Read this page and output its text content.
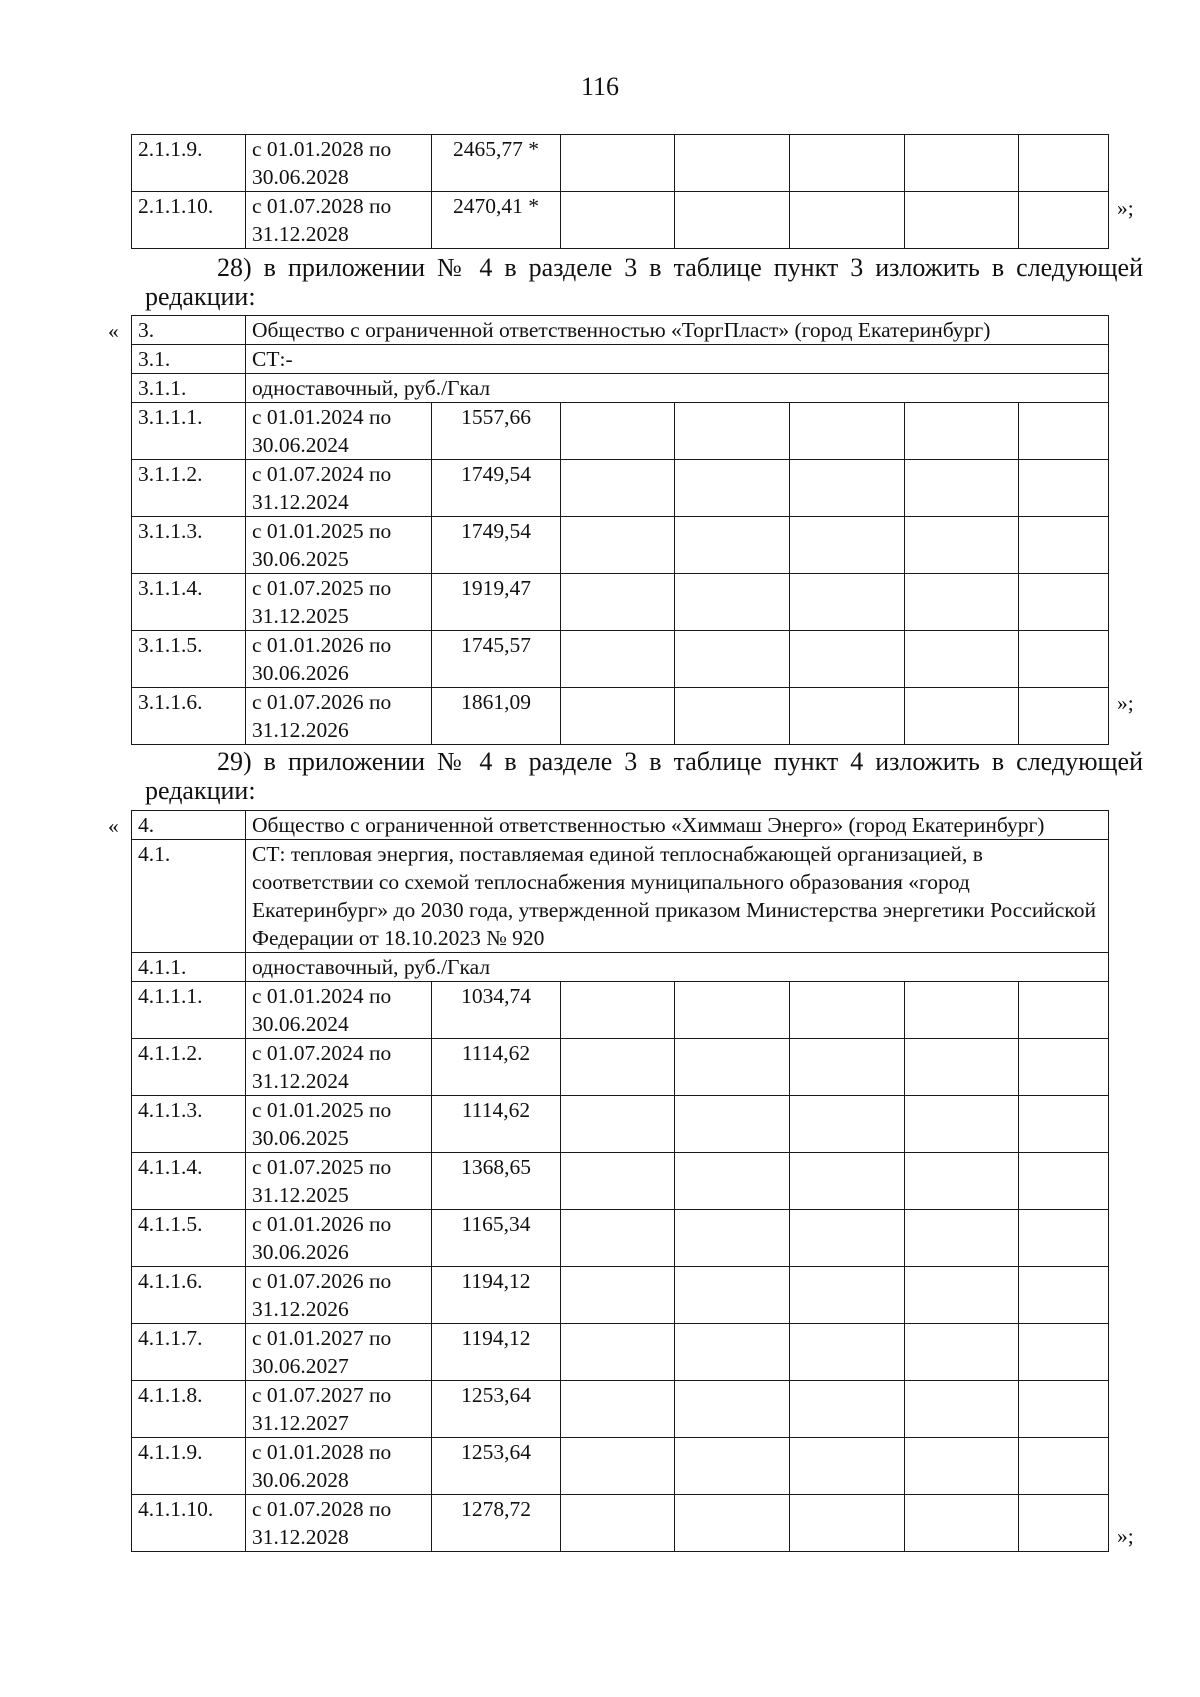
116
2.1.1.9.	с 01.01.2028 по 30.06.2028	2465,77 *					
2.1.1.10.	с 01.07.2028 по 31.12.2028	2470,41 *						»;
28) в приложении № 4 в разделе 3 в таблице пункт 3 изложить в следующей
редакции:
« 3.	Общество с ограниченной ответственностью «ТоргПласт» (город Екатеринбург)						
3.1.	СТ:-						
3.1.1.	одноставочный, руб./Гкал						
3.1.1.1.	с 01.01.2024 по 30.06.2024	1557,66					
3.1.1.2.	с 01.07.2024 по 31.12.2024	1749,54					
3.1.1.3.	с 01.01.2025 по 30.06.2025	1749,54					
3.1.1.4.	с 01.07.2025 по 31.12.2025	1919,47					
3.1.1.5.	с 01.01.2026 по 30.06.2026	1745,57					
3.1.1.6.	с 01.07.2026 по 31.12.2026	1861,09						»;
29) в приложении № 4 в разделе 3 в таблице пункт 4 изложить в следующей
редакции:
« 4.	Общество с ограниченной ответственностью «Химмаш Энерго» (город Екатеринбург)						
4.1.	СТ: тепловая энергия, поставляемая единой теплоснабжающей организацией, в соответствии со схемой теплоснабжения муниципального образования «город Екатеринбург» до 2030 года, утвержденной приказом Министерства энергетики Российской Федерации от 18.10.2023 № 920						
4.1.1.	одноставочный, руб./Гкал						
4.1.1.1.	с 01.01.2024 по 30.06.2024	1034,74					
4.1.1.2.	с 01.07.2024 по 31.12.2024	1114,62					
4.1.1.3.	с 01.01.2025 по 30.06.2025	1114,62					
4.1.1.4.	с 01.07.2025 по 31.12.2025	1368,65					
4.1.1.5.	с 01.01.2026 по 30.06.2026	1165,34					
4.1.1.6.	с 01.07.2026 по 31.12.2026	1194,12					
4.1.1.7.	с 01.01.2027 по 30.06.2027	1194,12					
4.1.1.8.	с 01.07.2027 по 31.12.2027	1253,64					
4.1.1.9.	с 01.01.2028 по 30.06.2028	1253,64					
4.1.1.10.	с 01.07.2028 по 31.12.2028	1278,72					
»;
